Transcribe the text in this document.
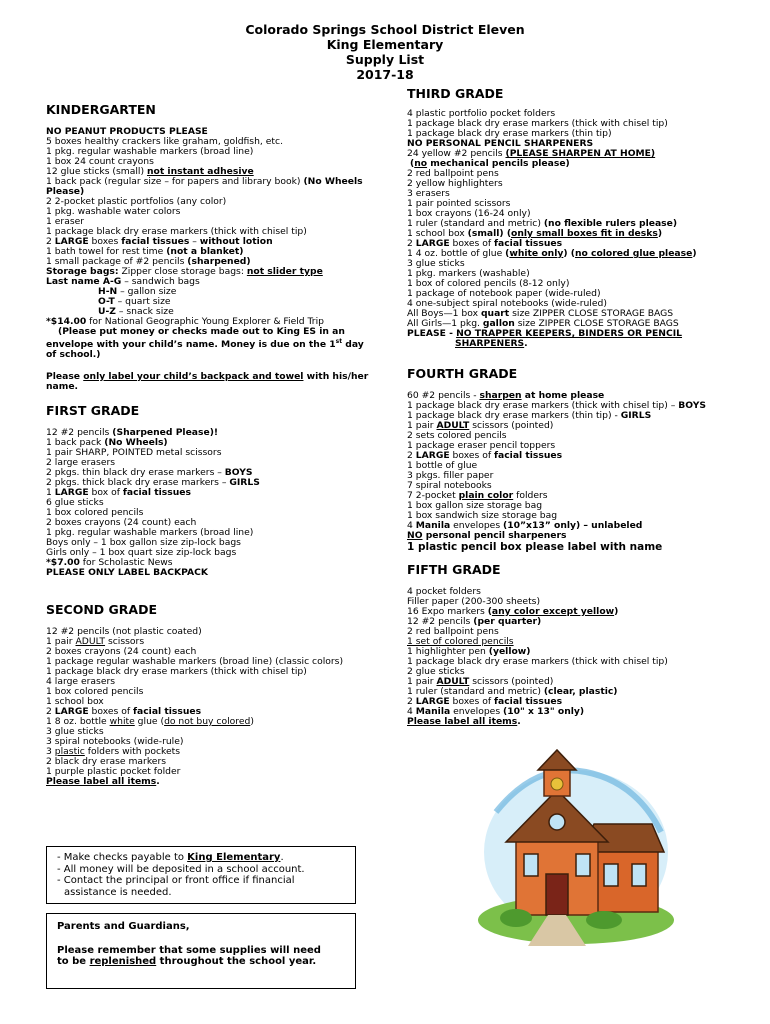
Colorado Springs School District Eleven
King Elementary
Supply List
2017-18
KINDERGARTEN
NO PEANUT PRODUCTS PLEASE
5 boxes healthy crackers like graham, goldfish, etc.
1 pkg. regular washable markers (broad line)
1 box 24 count crayons
12 glue sticks (small) not instant adhesive
1 back pack (regular size – for papers and library book) (No Wheels Please)
2 2-pocket plastic portfolios (any color)
1 pkg. washable water colors
1 eraser
1 package black dry erase markers (thick with chisel tip)
2 LARGE boxes facial tissues – without lotion
1 bath towel for rest time (not a blanket)
1 small package of #2 pencils (sharpened)
Storage bags: Zipper close storage bags: not slider type
Last name A-G – sandwich bags
H-N – gallon size
O-T – quart size
U-Z – snack size
*$14.00 for National Geographic Young Explorer & Field Trip
(Please put money or checks made out to King ES in an
envelope with your child’s name. Money is due on the 1st day
of school.)
Please only label your child’s backpack and towel with his/her
name.
FIRST GRADE
12 #2 pencils (Sharpened Please)!
1 back pack (No Wheels)
1 pair SHARP, POINTED metal scissors
2 large erasers
2 pkgs. thin black dry erase markers – BOYS
2 pkgs. thick black dry erase markers – GIRLS
1 LARGE box of facial tissues
6 glue sticks
1 box colored pencils
2 boxes crayons (24 count) each
1 pkg. regular washable markers (broad line)
Boys only – 1 box gallon size zip-lock bags
Girls only – 1 box quart size zip-lock bags
*$7.00 for Scholastic News
PLEASE ONLY LABEL BACKPACK
SECOND GRADE
12 #2 pencils (not plastic coated)
1 pair ADULT scissors
2 boxes crayons (24 count) each
1 package regular washable markers (broad line) (classic colors)
1 package black dry erase markers (thick with chisel tip)
4 large erasers
1 box colored pencils
1 school box
2 LARGE boxes of facial tissues
1 8 oz. bottle white glue (do not buy colored)
3 glue sticks
3 spiral notebooks (wide-rule)
3 plastic folders with pockets
2 black dry erase markers
1 purple plastic pocket folder
Please label all items.
THIRD GRADE
4 plastic portfolio pocket folders
1 package black dry erase markers (thick with chisel tip)
1 package black dry erase markers (thin tip)
NO PERSONAL PENCIL SHARPENERS
24 yellow #2 pencils (PLEASE SHARPEN AT HOME)
(no mechanical pencils please)
2 red ballpoint pens
2 yellow highlighters
3 erasers
1 pair pointed scissors
1 box crayons (16-24 only)
1 ruler (standard and metric) (no flexible rulers please)
1 school box (small) (only small boxes fit in desks)
2 LARGE boxes of facial tissues
1 4 oz. bottle of glue (white only) (no colored glue please)
3 glue sticks
1 pkg. markers (washable)
1 box of colored pencils (8-12 only)
1 package of notebook paper (wide-ruled)
4 one-subject spiral notebooks (wide-ruled)
All Boys—1 box quart size ZIPPER CLOSE STORAGE BAGS
All Girls—1 pkg. gallon size ZIPPER CLOSE STORAGE BAGS
PLEASE - NO TRAPPER KEEPERS, BINDERS OR PENCIL
SHARPENERS.
FOURTH GRADE
60 #2 pencils - sharpen at home please
1 package black dry erase markers (thick with chisel tip) – BOYS
1 package black dry erase markers (thin tip) - GIRLS
1 pair ADULT scissors (pointed)
2 sets colored pencils
1 package eraser pencil toppers
2 LARGE boxes of facial tissues
1 bottle of glue
3 pkgs. filler paper
7 spiral notebooks
7 2-pocket plain color folders
1 box gallon size storage bag
1 box sandwich size storage bag
4 Manila envelopes (10”x13” only) – unlabeled
NO personal pencil sharpeners
1 plastic pencil box please label with name
FIFTH GRADE
4 pocket folders
Filler paper (200-300 sheets)
16 Expo markers (any color except yellow)
12 #2 pencils (per quarter)
2 red ballpoint pens
1 set of colored pencils
1 highlighter pen (yellow)
1 package black dry erase markers (thick with chisel tip)
2 glue sticks
1 pair ADULT scissors (pointed)
1 ruler (standard and metric) (clear, plastic)
2 LARGE boxes of facial tissues
4 Manila envelopes (10" x 13" only)
Please label all items.
- Make checks payable to King Elementary.
- All money will be deposited in a school account.
- Contact the principal or front office if financial
assistance is needed.
Parents and Guardians,
Please remember that some supplies will need
to be replenished throughout the school year.
